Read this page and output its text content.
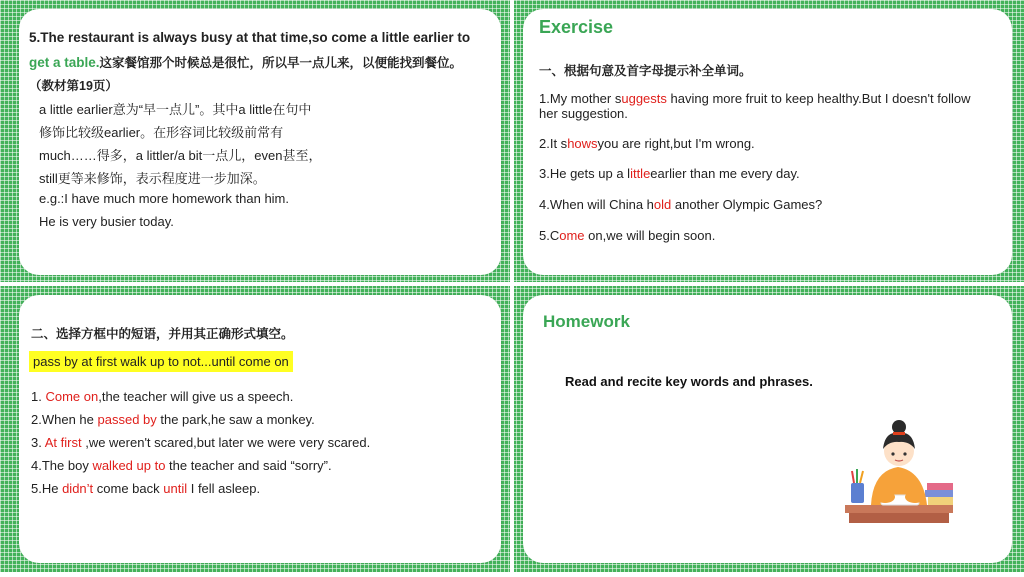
5.The restaurant is always busy at that time,so come a little earlier to
get a table.这家餐馆那个时候总是很忙，所以早一点儿来，以便能找到餐位。
（教材第19页）
a little earlier意为“早一点儿”。其中a little在句中
修饰比较级earlier。在形容词比较级前常有
much……得多，a littler/a bit一点儿，even甚至，
still更等来修饰，表示程度进一步加深。
e.g.:I have much more homework than him.
He is very busier today.
Exercise
一、根据句意及首字母提示补全单词。
1.My mother suggests having more fruit to keep healthy.But I doesn't follow her suggestion.
2.It showsyou are right,but I'm wrong.
3.He gets up a littleearlier than me every day.
4.When will China hold another Olympic Games?
5.Come on,we will begin soon.
二、选择方框中的短语，并用其正确形式填空。
pass by at first walk up to not...until come on
1. Come on,the teacher will give us a speech.
2.When he passed by the park,he saw a monkey.
3. At first ,we weren't scared,but later we were very scared.
4.The boy walked up to the teacher and said “sorry”.
5.He didn’t come back until I fell asleep.
Homework
Read and recite key words and phrases.
